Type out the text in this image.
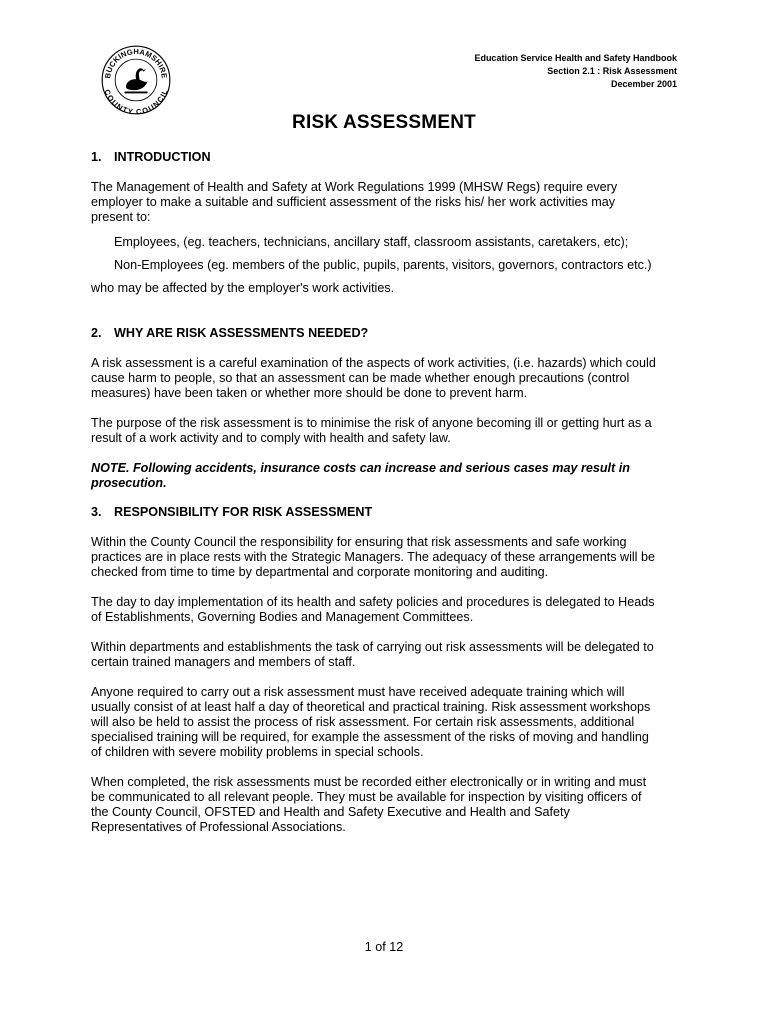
BUCKINGHAMSHIRE
COUNTY COUNCIL
Education Service Health and Safety Handbook
Section 2.1 : Risk Assessment
December 2001
RISK ASSESSMENT

1. INTRODUCTION

The Management of Health and Safety at Work Regulations 1999 (MHSW Regs) require every employer to make a suitable and sufficient assessment of the risks his/ her work activities may present to:

Employees, (eg. teachers, technicians, ancillary staff, classroom assistants, caretakers, etc);

Non-Employees (eg. members of the public, pupils, parents, visitors, governors, contractors etc.)

who may be affected by the employer's work activities.

2. WHY ARE RISK ASSESSMENTS NEEDED?

A risk assessment is a careful examination of the aspects of work activities, (i.e. hazards) which could cause harm to people, so that an assessment can be made whether enough precautions (control measures) have been taken or whether more should be done to prevent harm.

The purpose of the risk assessment is to minimise the risk of anyone becoming ill or getting hurt as a result of a work activity and to comply with health and safety law.

NOTE. Following accidents, insurance costs can increase and serious cases may result in prosecution.

3. RESPONSIBILITY FOR RISK ASSESSMENT

Within the County Council the responsibility for ensuring that risk assessments and safe working practices are in place rests with the Strategic Managers. The adequacy of these arrangements will be checked from time to time by departmental and corporate monitoring and auditing.

The day to day implementation of its health and safety policies and procedures is delegated to Heads of Establishments, Governing Bodies and Management Committees.

Within departments and establishments the task of carrying out risk assessments will be delegated to certain trained managers and members of staff.

Anyone required to carry out a risk assessment must have received adequate training which will usually consist of at least half a day of theoretical and practical training. Risk assessment workshops will also be held to assist the process of risk assessment. For certain risk assessments, additional specialised training will be required, for example the assessment of the risks of moving and handling of children with severe mobility problems in special schools.

When completed, the risk assessments must be recorded either electronically or in writing and must be communicated to all relevant people. They must be available for inspection by visiting officers of the County Council, OFSTED and Health and Safety Executive and Health and Safety Representatives of Professional Associations.

1 of 12
